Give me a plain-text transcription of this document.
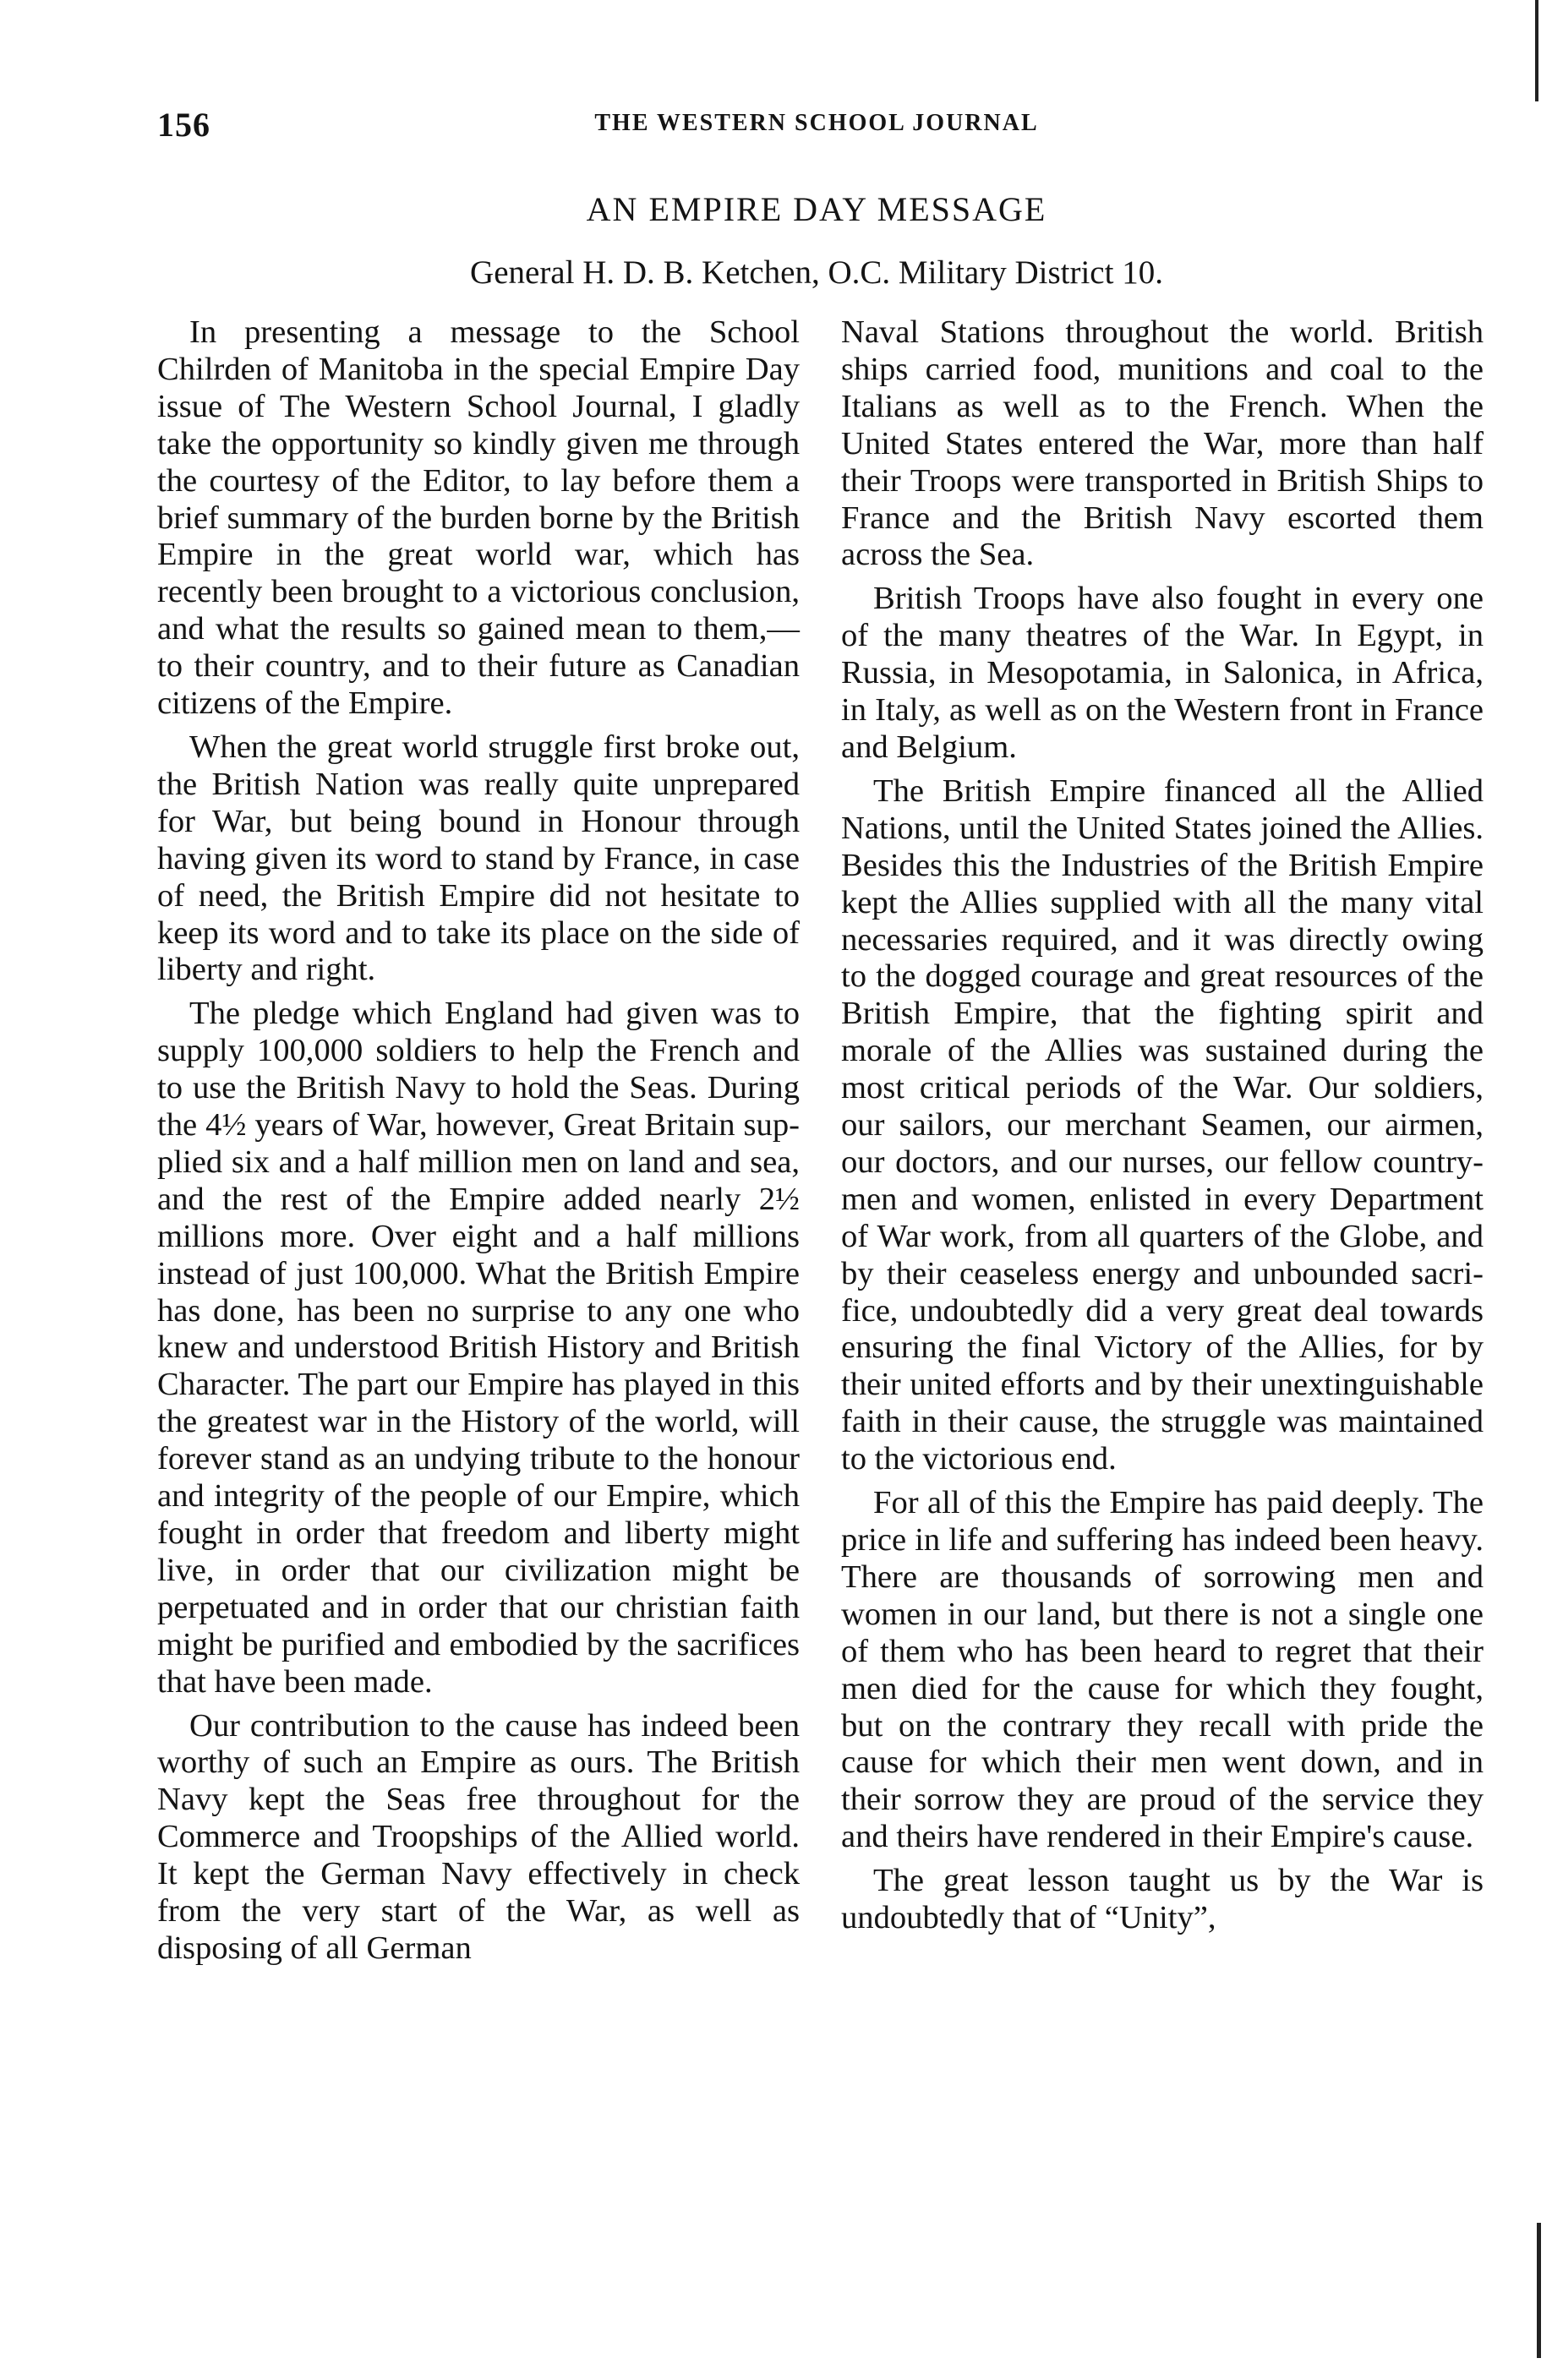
156	THE WESTERN SCHOOL JOURNAL
AN EMPIRE DAY MESSAGE
General H. D. B. Ketchen, O.C. Military District 10.

In presenting a message to the School Chilrden of Manitoba in the special Empire Day issue of The Western School Journal, I gladly take the opportunity so kindly given me through the courtesy of the Editor, to lay before them a brief summary of the burden borne by the British Empire in the great world war, which has recently been brought to a victorious conclusion, and what the results so gained mean to them,—to their country, and to their future as Canadian citizens of the Empire.

When the great world struggle first broke out, the British Nation was really quite unprepared for War, but being bound in Honour through having given its word to stand by France, in case of need, the British Empire did not hesitate to keep its word and to take its place on the side of liberty and right.

The pledge which England had given was to supply 100,000 soldiers to help the French and to use the British Navy to hold the Seas. During the 4½ years of War, however, Great Britain supplied six and a half million men on land and sea, and the rest of the Empire added nearly 2½ millions more. Over eight and a half millions instead of just 100,000. What the British Empire has done, has been no surprise to any one who knew and understood British History and British Character. The part our Empire has played in this the greatest war in the History of the world, will forever stand as an undying tribute to the honour and integrity of the people of our Empire, which fought in order that freedom and liberty might live, in order that our civilization might be perpetuated and in order that our christian faith might be purified and embodied by the sacrifices that have been made.

Our contribution to the cause has indeed been worthy of such an Empire as ours. The British Navy kept the Seas free throughout for the Commerce and Troopships of the Allied world. It kept the German Navy effectively in check from the very start of the War, as well as disposing of all German

Naval Stations throughout the world. British ships carried food, munitions and coal to the Italians as well as to the French. When the United States entered the War, more than half their Troops were transported in British Ships to France and the British Navy escorted them across the Sea.

British Troops have also fought in every one of the many theatres of the War. In Egypt, in Russia, in Mesopotamia, in Salonica, in Africa, in Italy, as well as on the Western front in France and Belgium.

The British Empire financed all the Allied Nations, until the United States joined the Allies. Besides this the Industries of the British Empire kept the Allies supplied with all the many vital necessaries required, and it was directly owing to the dogged courage and great resources of the British Empire, that the fighting spirit and morale of the Allies was sustained during the most critical periods of the War. Our soldiers, our sailors, our merchant Seamen, our airmen, our doctors, and our nurses, our fellow countrymen and women, enlisted in every Department of War work, from all quarters of the Globe, and by their ceaseless energy and unbounded sacrifice, undoubtedly did a very great deal towards ensuring the final Victory of the Allies, for by their united efforts and by their unextinguishable faith in their cause, the struggle was maintained to the victorious end.

For all of this the Empire has paid deeply. The price in life and suffering has indeed been heavy. There are thousands of sorrowing men and women in our land, but there is not a single one of them who has been heard to regret that their men died for the cause for which they fought, but on the contrary they recall with pride the cause for which their men went down, and in their sorrow they are proud of the service they and theirs have rendered in their Empire's cause.

The great lesson taught us by the War is undoubtedly that of “Unity”,
